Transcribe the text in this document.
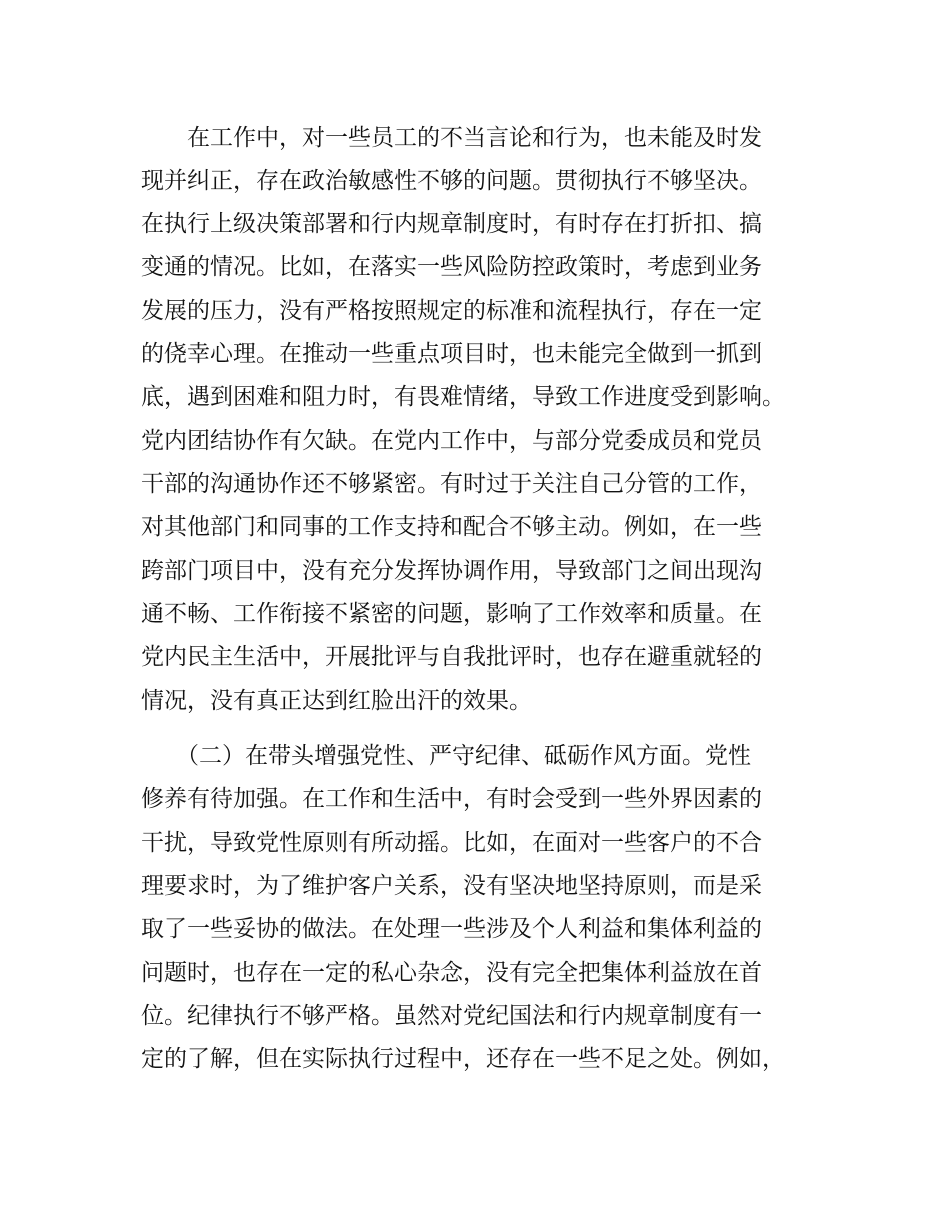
在工作中，对一些员工的不当言论和行为，也未能及时发

现并纠正，存在政治敏感性不够的问题。贯彻执行不够坚决。

在执行上级决策部署和行内规章制度时，有时存在打折扣、搞

变通的情况。比如，在落实一些风险防控政策时，考虑到业务

发展的压力，没有严格按照规定的标准和流程执行，存在一定

的侥幸心理。在推动一些重点项目时，也未能完全做到一抓到

底，遇到困难和阻力时，有畏难情绪，导致工作进度受到影响。

党内团结协作有欠缺。在党内工作中，与部分党委成员和党员

干部的沟通协作还不够紧密。有时过于关注自己分管的工作，

对其他部门和同事的工作支持和配合不够主动。例如，在一些

跨部门项目中，没有充分发挥协调作用，导致部门之间出现沟

通不畅、工作衔接不紧密的问题，影响了工作效率和质量。在

党内民主生活中，开展批评与自我批评时，也存在避重就轻的

情况，没有真正达到红脸出汗的效果。

（二）在带头增强党性、严守纪律、砥砺作风方面。党性

修养有待加强。在工作和生活中，有时会受到一些外界因素的

干扰，导致党性原则有所动摇。比如，在面对一些客户的不合

理要求时，为了维护客户关系，没有坚决地坚持原则，而是采

取了一些妥协的做法。在处理一些涉及个人利益和集体利益的

问题时，也存在一定的私心杂念，没有完全把集体利益放在首

位。纪律执行不够严格。虽然对党纪国法和行内规章制度有一

定的了解，但在实际执行过程中，还存在一些不足之处。例如，
